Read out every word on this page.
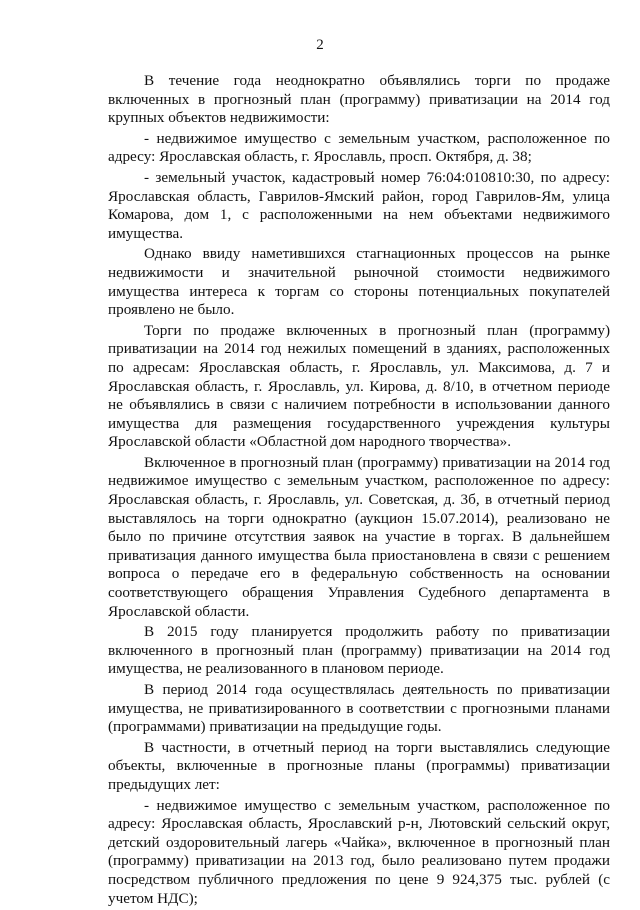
2

В течение года неоднократно объявлялись торги по продаже включенных в прогнозный план (программу) приватизации на 2014 год крупных объектов недвижимости:

- недвижимое имущество с земельным участком, расположенное по адресу: Ярославская область, г. Ярославль, просп. Октября, д. 38;

- земельный участок, кадастровый номер 76:04:010810:30, по адресу: Ярославская область, Гаврилов-Ямский район, город Гаврилов-Ям, улица Комарова, дом 1, с расположенными на нем объектами недвижимого имущества.

Однако ввиду наметившихся стагнационных процессов на рынке недвижимости и значительной рыночной стоимости недвижимого имущества интереса к торгам со стороны потенциальных покупателей проявлено не было.

Торги по продаже включенных в прогнозный план (программу) приватизации на 2014 год нежилых помещений в зданиях, расположенных по адресам: Ярославская область, г. Ярославль, ул. Максимова, д. 7 и Ярославская область, г. Ярославль, ул. Кирова, д. 8/10, в отчетном периоде не объявлялись в связи с наличием потребности в использовании данного имущества для размещения государственного учреждения культуры Ярославской области «Областной дом народного творчества».

Включенное в прогнозный план (программу) приватизации на 2014 год недвижимое имущество с земельным участком, расположенное по адресу: Ярославская область, г. Ярославль, ул. Советская, д. 3б, в отчетный период выставлялось на торги однократно (аукцион 15.07.2014), реализовано не было по причине отсутствия заявок на участие в торгах. В дальнейшем приватизация данного имущества была приостановлена в связи с решением вопроса о передаче его в федеральную собственность на основании соответствующего обращения Управления Судебного департамента в Ярославской области.

В 2015 году планируется продолжить работу по приватизации включенного в прогнозный план (программу) приватизации на 2014 год имущества, не реализованного в плановом периоде.

В период 2014 года осуществлялась деятельность по приватизации имущества, не приватизированного в соответствии с прогнозными планами (программами) приватизации на предыдущие годы.

В частности, в отчетный период на торги выставлялись следующие объекты, включенные в прогнозные планы (программы) приватизации предыдущих лет:

- недвижимое имущество с земельным участком, расположенное по адресу: Ярославская область, Ярославский р-н, Лютовский сельский округ, детский оздоровительный лагерь «Чайка», включенное в прогнозный план (программу) приватизации на 2013 год, было реализовано путем продажи посредством публичного предложения по цене 9 924,375 тыс. рублей (с учетом НДС);
